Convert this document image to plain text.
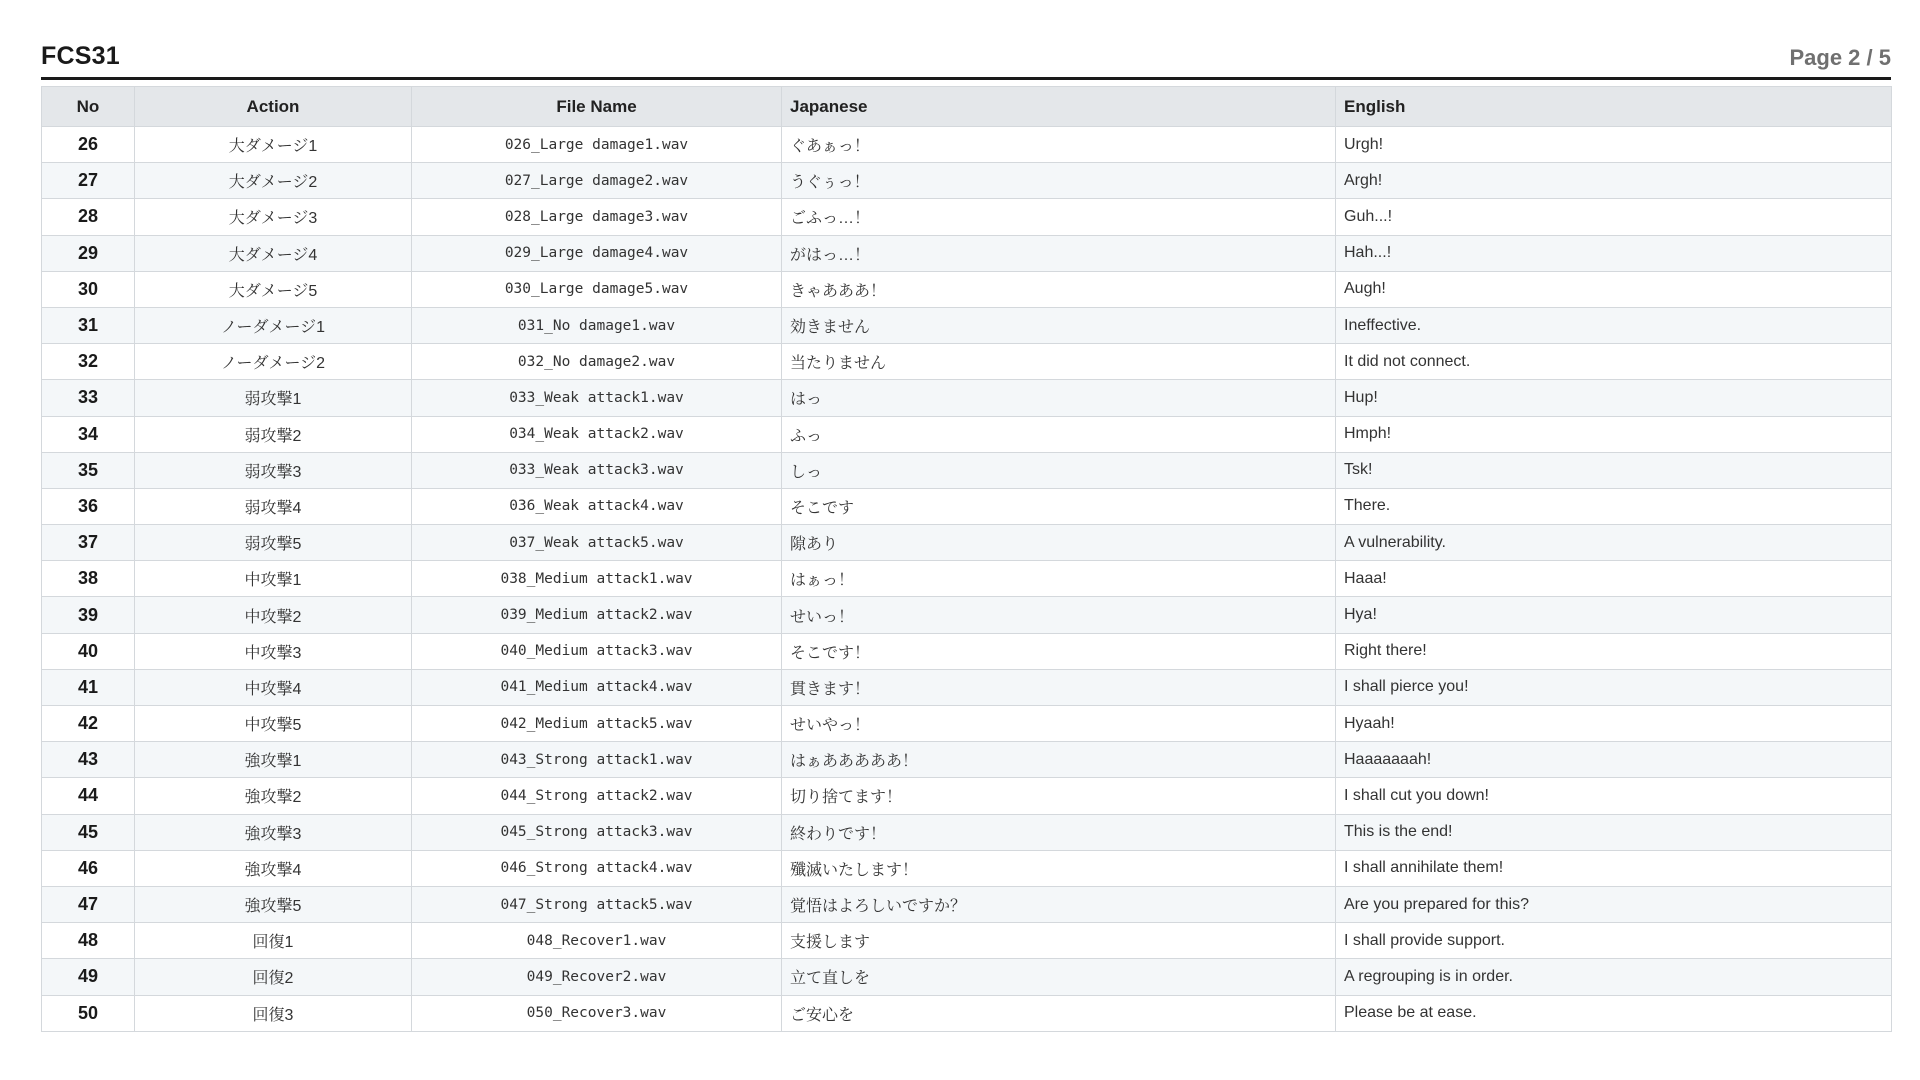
FCS31	Page 2 / 5
No	Action	File Name	Japanese	English
26	大ダメージ1	026_Large damage1.wav	ぐあぁっ！	Urgh!
27	大ダメージ2	027_Large damage2.wav	うぐぅっ！	Argh!
28	大ダメージ3	028_Large damage3.wav	ごふっ…！	Guh...!
29	大ダメージ4	029_Large damage4.wav	がはっ…！	Hah...!
30	大ダメージ5	030_Large damage5.wav	きゃあああ！	Augh!
31	ノーダメージ1	031_No damage1.wav	効きません	Ineffective.
32	ノーダメージ2	032_No damage2.wav	当たりません	It did not connect.
33	弱攻撃1	033_Weak attack1.wav	はっ	Hup!
34	弱攻撃2	034_Weak attack2.wav	ふっ	Hmph!
35	弱攻撃3	033_Weak attack3.wav	しっ	Tsk!
36	弱攻撃4	036_Weak attack4.wav	そこです	There.
37	弱攻撃5	037_Weak attack5.wav	隙あり	A vulnerability.
38	中攻撃1	038_Medium attack1.wav	はぁっ！	Haaa!
39	中攻撃2	039_Medium attack2.wav	せいっ！	Hya!
40	中攻撃3	040_Medium attack3.wav	そこです！	Right there!
41	中攻撃4	041_Medium attack4.wav	貫きます！	I shall pierce you!
42	中攻撃5	042_Medium attack5.wav	せいやっ！	Hyaah!
43	強攻撃1	043_Strong attack1.wav	はぁあああああ！	Haaaaaaah!
44	強攻撃2	044_Strong attack2.wav	切り捨てます！	I shall cut you down!
45	強攻撃3	045_Strong attack3.wav	終わりです！	This is the end!
46	強攻撃4	046_Strong attack4.wav	殲滅いたします！	I shall annihilate them!
47	強攻撃5	047_Strong attack5.wav	覚悟はよろしいですか？	Are you prepared for this?
48	回復1	048_Recover1.wav	支援します	I shall provide support.
49	回復2	049_Recover2.wav	立て直しを	A regrouping is in order.
50	回復3	050_Recover3.wav	ご安心を	Please be at ease.
